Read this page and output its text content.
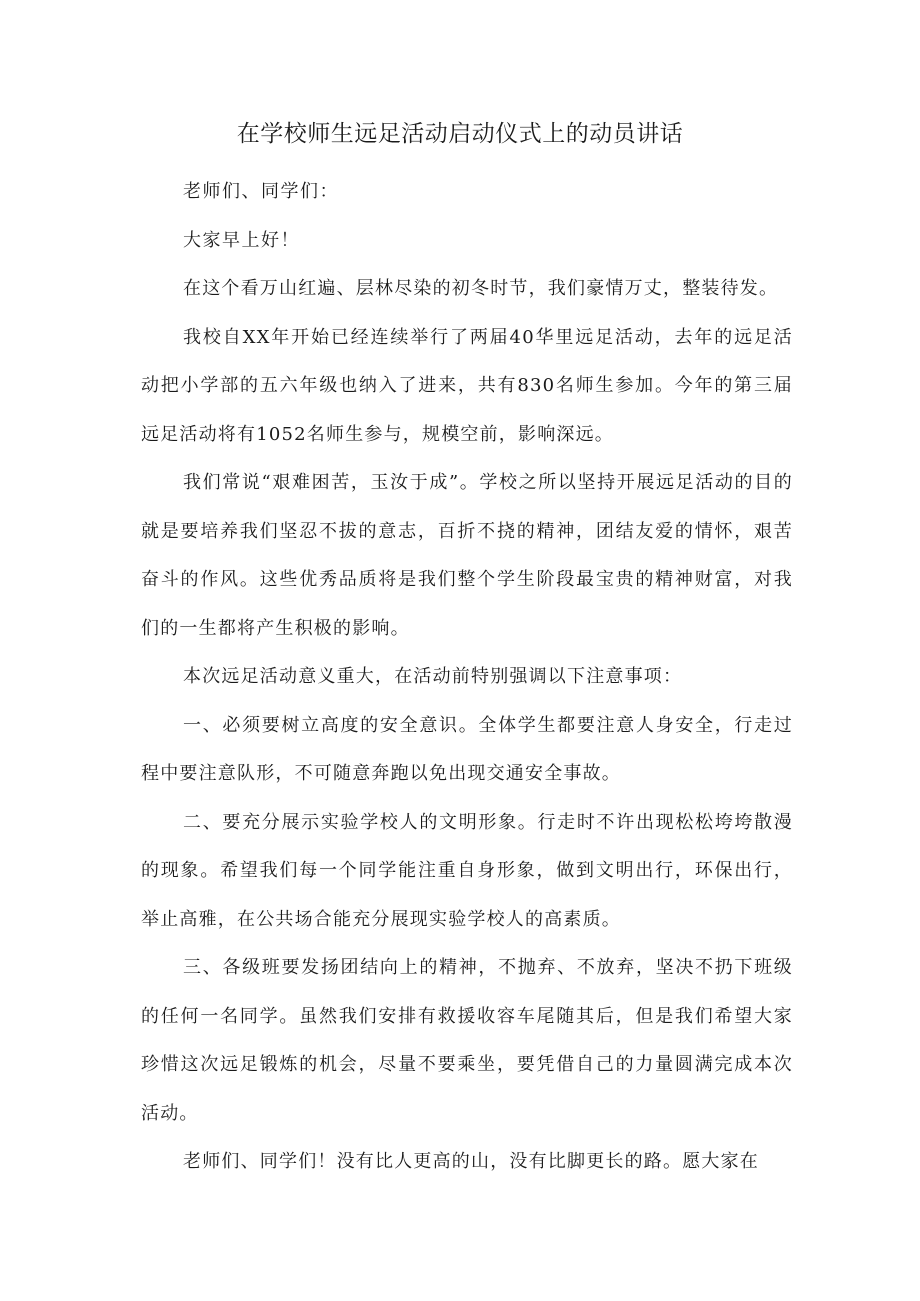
在学校师生远足活动启动仪式上的动员讲话

老师们、同学们：

大家早上好！

在这个看万山红遍、层林尽染的初冬时节，我们豪情万丈，整装待发。

我校自XX年开始已经连续举行了两届40华里远足活动，去年的远足活动把小学部的五六年级也纳入了进来，共有830名师生参加。今年的第三届远足活动将有1052名师生参与，规模空前，影响深远。

我们常说“艰难困苦，玉汝于成”。学校之所以坚持开展远足活动的目的就是要培养我们坚忍不拔的意志，百折不挠的精神，团结友爱的情怀，艰苦奋斗的作风。这些优秀品质将是我们整个学生阶段最宝贵的精神财富，对我们的一生都将产生积极的影响。

本次远足活动意义重大，在活动前特别强调以下注意事项：

一、必须要树立高度的安全意识。全体学生都要注意人身安全，行走过程中要注意队形，不可随意奔跑以免出现交通安全事故。

二、要充分展示实验学校人的文明形象。行走时不许出现松松垮垮散漫的现象。希望我们每一个同学能注重自身形象，做到文明出行，环保出行，举止高雅，在公共场合能充分展现实验学校人的高素质。

三、各级班要发扬团结向上的精神，不抛弃、不放弃，坚决不扔下班级的任何一名同学。虽然我们安排有救援收容车尾随其后，但是我们希望大家珍惜这次远足锻炼的机会，尽量不要乘坐，要凭借自己的力量圆满完成本次活动。

老师们、同学们！没有比人更高的山，没有比脚更长的路。愿大家在
